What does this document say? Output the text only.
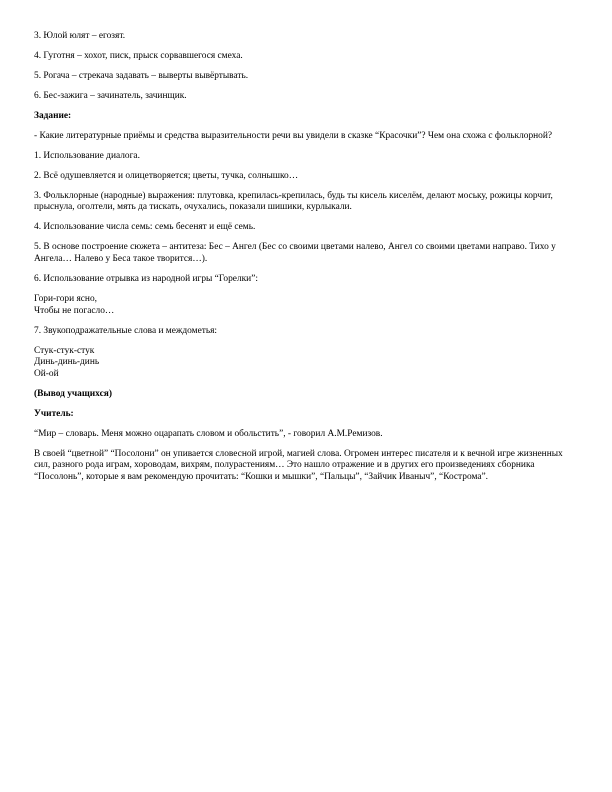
3. Юлой юлят – егозят.

4. Гуготня – хохот, писк, прыск сорвавшегося смеха.

5. Рогача – стрекача задавать – выверты вывёртывать.

6. Бес-зажига – зачинатель, зачинщик.

Задание:

- Какие литературные приёмы и средства выразительности речи вы увидели в сказке “Красочки”? Чем она схожа с фольклорной?

1. Использование диалога.

2. Всё одушевляется и олицетворяется; цветы, тучка, солнышко…

3. Фольклорные (народные) выражения: плутовка, крепилась-крепилась, будь ты кисель киселём, делают моську, рожицы корчит, прыснула, оголтели, мять да тискать, очухались, показали шишики, курлыкали.

4. Использование числа семь: семь бесенят и ещё семь.

5. В основе построение сюжета – антитеза: Бес – Ангел (Бес со своими цветами налево, Ангел со своими цветами направо. Тихо у Ангела… Налево у Беса такое творится…).

6. Использование отрывка из народной игры “Горелки”:

Гори-гори ясно,

Чтобы не погасло…

7. Звукоподражательные слова и междометья:

Стук-стук-стук

Динь-динь-динь

Ой-ой

(Вывод учащихся)

Учитель:

“Мир – словарь. Меня можно оцарапать словом и обольстить”, - говорил А.М.Ремизов.

В своей “цветной” “Посолони” он упивается словесной игрой, магией слова. Огромен интерес писателя и к вечной игре жизненных сил, разного рода играм, хороводам, вихрям, полурастениям… Это нашло отражение и в других его произведениях сборника “Посолонь”, которые я вам рекомендую прочитать: “Кошки и мышки”, “Пальцы”, “Зайчик Иваныч”, “Кострома”.
